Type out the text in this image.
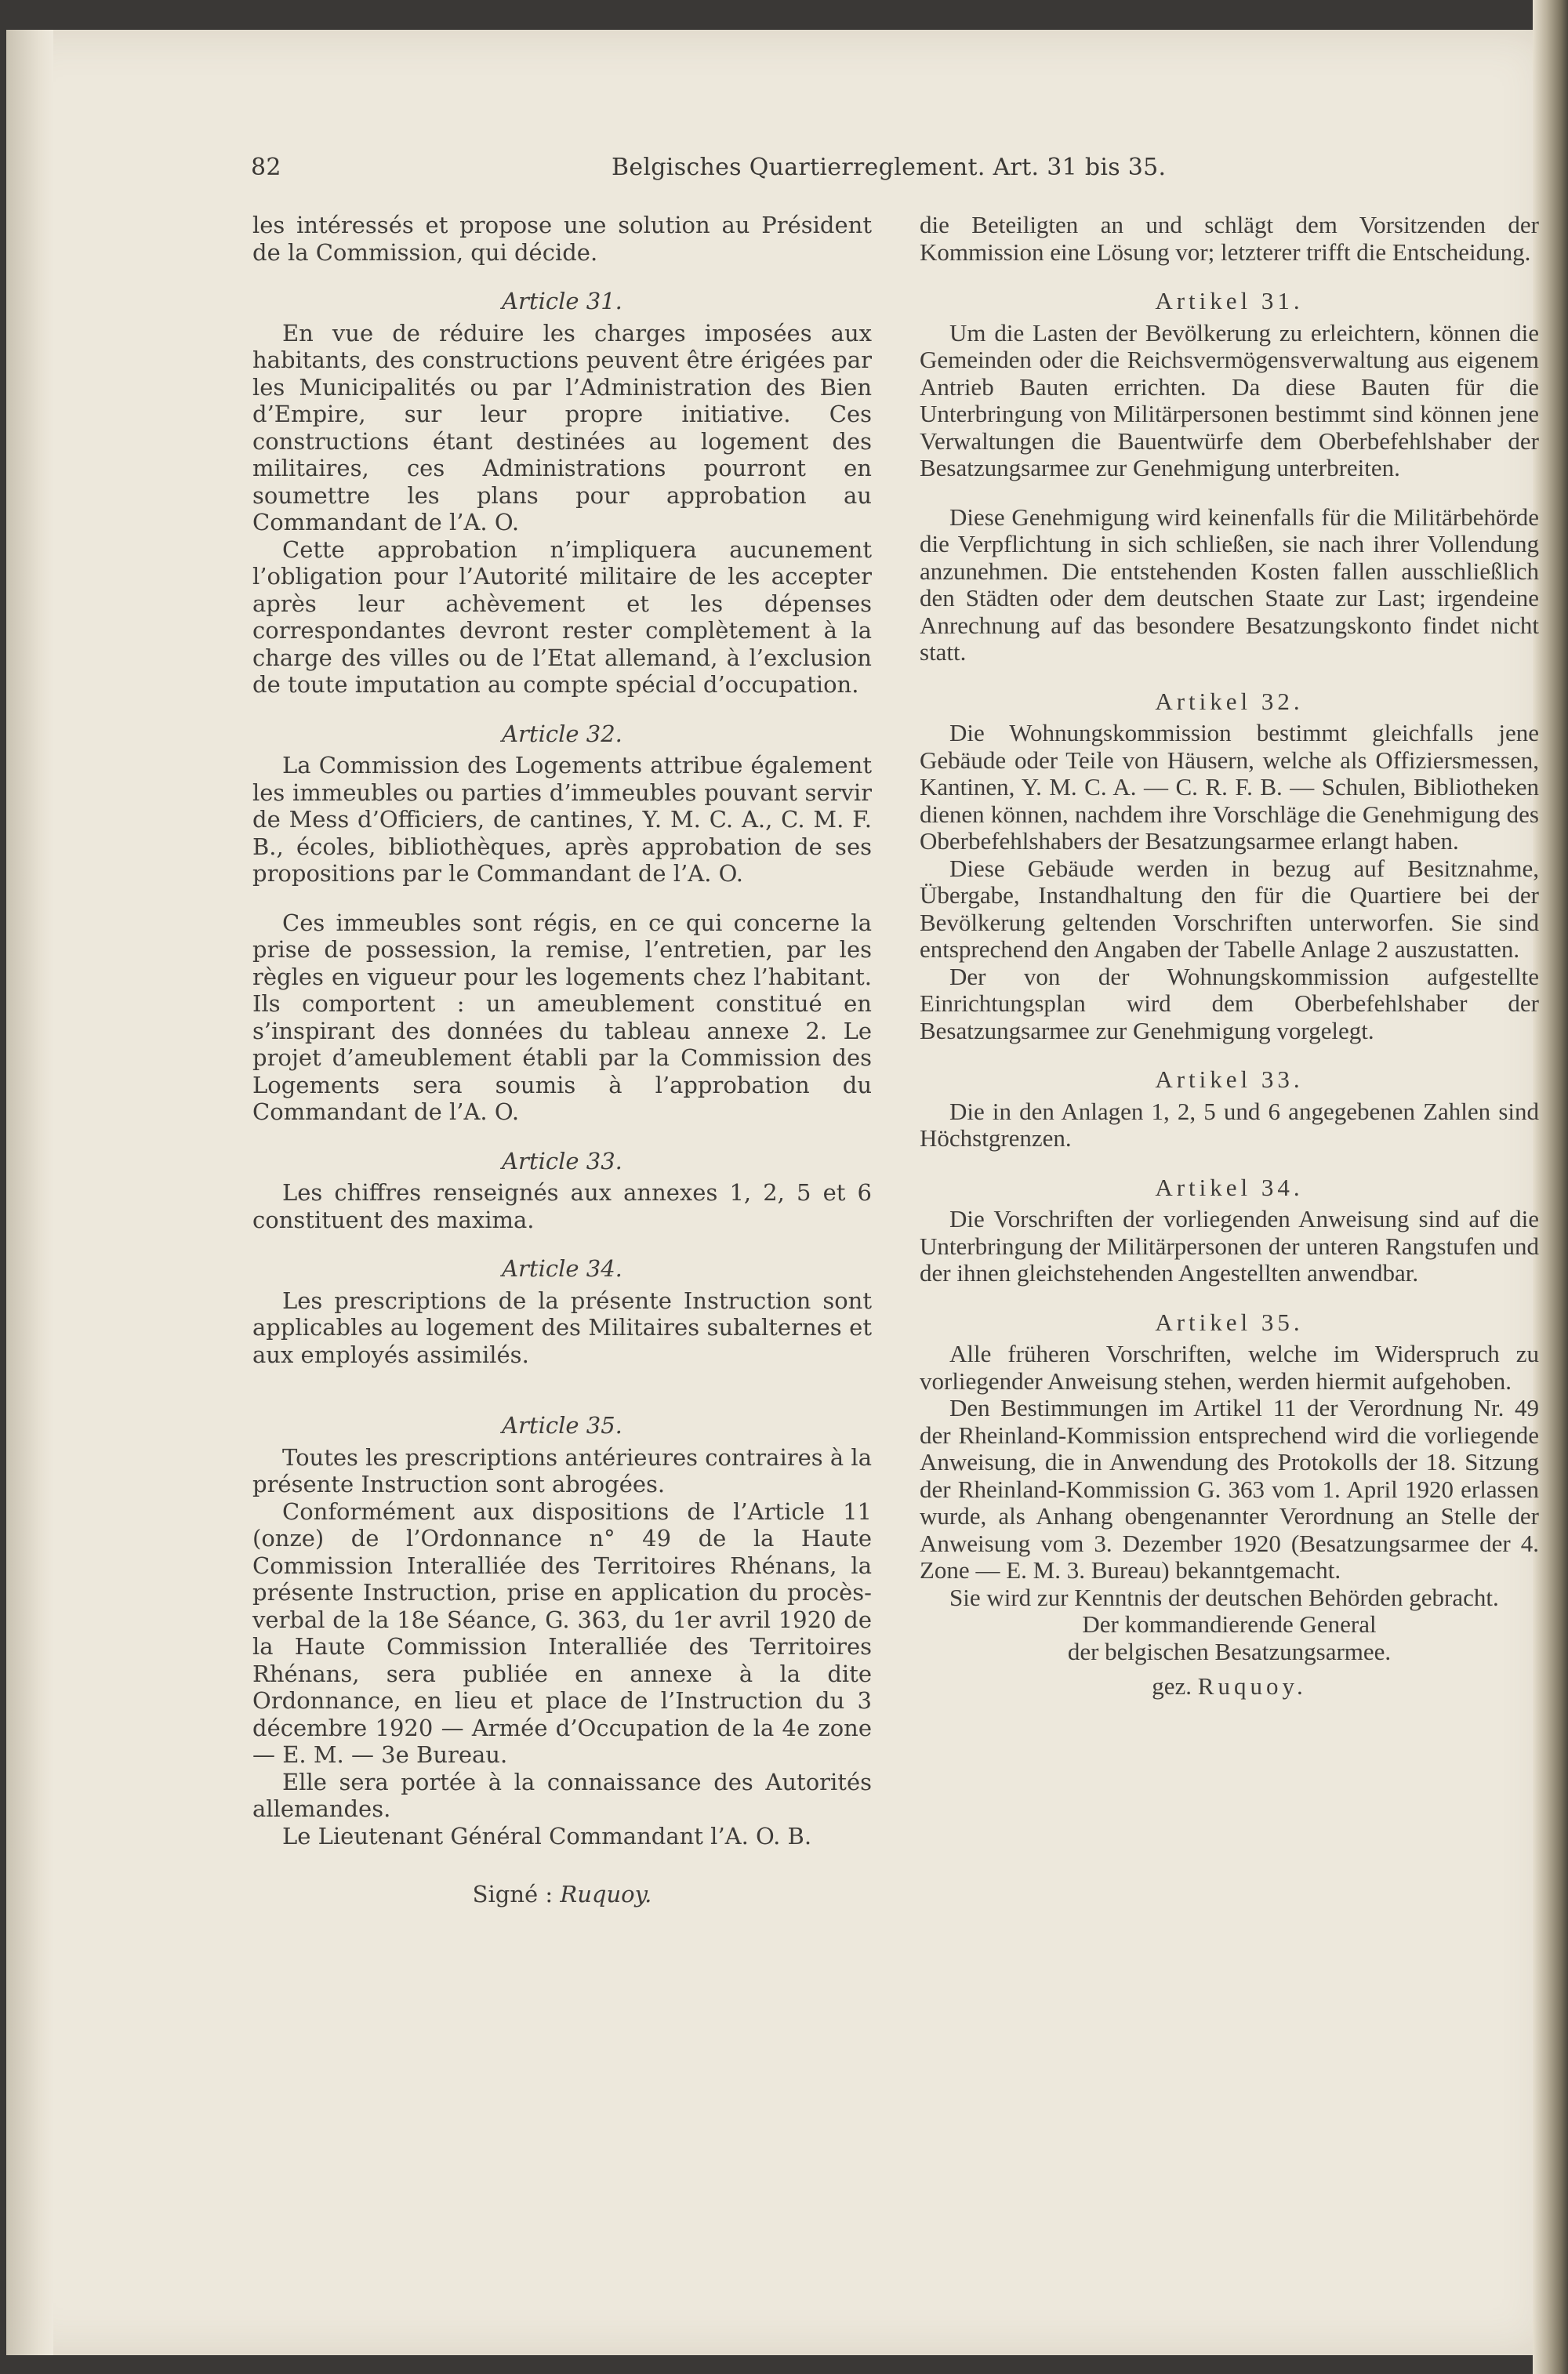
82	Belgisches Quartierreglement. Art. 31 bis 35.

les intéressés et propose une solution au Président de la Commission, qui décide.

Article 31.

En vue de réduire les charges imposées aux habitants, des constructions peuvent être érigées par les Municipalités ou par l’Administration des Bien d’Empire, sur leur propre initiative. Ces constructions étant destinées au logement des militaires, ces Administrations pourront en soumettre les plans pour approbation au Commandant de l’A. O.

Cette approbation n’impliquera aucunement l’obligation pour l’Autorité militaire de les accepter après leur achèvement et les dépenses correspondantes devront rester complètement à la charge des villes ou de l’Etat allemand, à l’exclusion de toute imputation au compte spécial d’occupation.

Article 32.

La Commission des Logements attribue également les immeubles ou parties d’immeubles pouvant servir de Mess d’Officiers, de cantines, Y. M. C. A., C. M. F. B., écoles, bibliothèques, après approbation de ses propositions par le Commandant de l’A. O.

Ces immeubles sont régis, en ce qui concerne la prise de possession, la remise, l’entretien, par les règles en vigueur pour les logements chez l’habitant. Ils comportent : un ameublement constitué en s’inspirant des données du tableau annexe 2. Le projet d’ameublement établi par la Commission des Logements sera soumis à l’approbation du Commandant de l’A. O.

Article 33.

Les chiffres renseignés aux annexes 1, 2, 5 et 6 constituent des maxima.

Article 34.

Les prescriptions de la présente Instruction sont applicables au logement des Militaires subalternes et aux employés assimilés.

Article 35.

Toutes les prescriptions antérieures contraires à la présente Instruction sont abrogées.

Conformément aux dispositions de l’Article 11 (onze) de l’Ordonnance n° 49 de la Haute Commission Interalliée des Territoires Rhénans, la présente Instruction, prise en application du procès-verbal de la 18e Séance, G. 363, du 1er avril 1920 de la Haute Commission Interalliée des Territoires Rhénans, sera publiée en annexe à la dite Ordonnance, en lieu et place de l’Instruction du 3 décembre 1920 — Armée d’Occupation de la 4e zone — E. M. — 3e Bureau.

Elle sera portée à la connaissance des Autorités allemandes.

Le Lieutenant Général Commandant l’A. O. B.

Signé : Ruquoy.

die Beteiligten an und schlägt dem Vorsitzenden der Kommission eine Lösung vor; letzterer trifft die Entscheidung.

Artikel 31.

Um die Lasten der Bevölkerung zu erleichtern, können die Gemeinden oder die Reichsvermögensverwaltung aus eigenem Antrieb Bauten errichten. Da diese Bauten für die Unterbringung von Militärpersonen bestimmt sind können jene Verwaltungen die Bauentwürfe dem Oberbefehlshaber der Besatzungsarmee zur Genehmigung unterbreiten.

Diese Genehmigung wird keinenfalls für die Militärbehörde die Verpflichtung in sich schließen, sie nach ihrer Vollendung anzunehmen. Die entstehenden Kosten fallen ausschließlich den Städten oder dem deutschen Staate zur Last; irgendeine Anrechnung auf das besondere Besatzungskonto findet nicht statt.

Artikel 32.

Die Wohnungskommission bestimmt gleichfalls jene Gebäude oder Teile von Häusern, welche als Offiziersmessen, Kantinen, Y. M. C. A. — C. R. F. B. — Schulen, Bibliotheken dienen können, nachdem ihre Vorschläge die Genehmigung des Oberbefehlshabers der Besatzungsarmee erlangt haben.

Diese Gebäude werden in bezug auf Besitznahme, Übergabe, Instandhaltung den für die Quartiere bei der Bevölkerung geltenden Vorschriften unterworfen. Sie sind entsprechend den Angaben der Tabelle Anlage 2 auszustatten.

Der von der Wohnungskommission aufgestellte Einrichtungsplan wird dem Oberbefehlshaber der Besatzungsarmee zur Genehmigung vorgelegt.

Artikel 33.

Die in den Anlagen 1, 2, 5 und 6 angegebenen Zahlen sind Höchstgrenzen.

Artikel 34.

Die Vorschriften der vorliegenden Anweisung sind auf die Unterbringung der Militärpersonen der unteren Rangstufen und der ihnen gleichstehenden Angestellten anwendbar.

Artikel 35.

Alle früheren Vorschriften, welche im Widerspruch zu vorliegender Anweisung stehen, werden hiermit aufgehoben.

Den Bestimmungen im Artikel 11 der Verordnung Nr. 49 der Rheinland-Kommission entsprechend wird die vorliegende Anweisung, die in Anwendung des Protokolls der 18. Sitzung der Rheinland-Kommission G. 363 vom 1. April 1920 erlassen wurde, als Anhang obengenannter Verordnung an Stelle der Anweisung vom 3. Dezember 1920 (Besatzungsarmee der 4. Zone — E. M. 3. Bureau) bekanntgemacht.

Sie wird zur Kenntnis der deutschen Behörden gebracht.

Der kommandierende General

der belgischen Besatzungsarmee.

gez. Ruquoy.
